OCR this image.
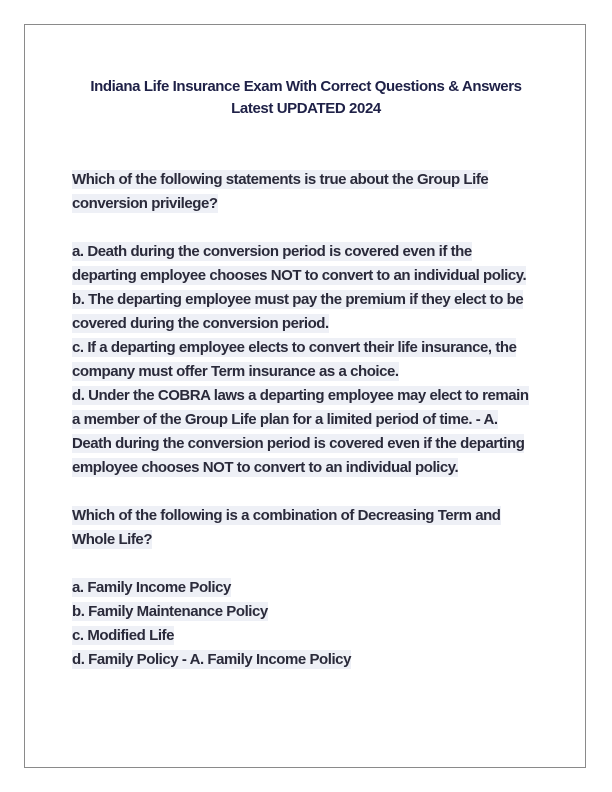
Indiana Life Insurance Exam With Correct Questions & Answers
Latest UPDATED 2024
Which of the following statements is true about the Group Life
conversion privilege?
a. Death during the conversion period is covered even if the
departing employee chooses NOT to convert to an individual policy.
b. The departing employee must pay the premium if they elect to be
covered during the conversion period.
c. If a departing employee elects to convert their life insurance, the
company must offer Term insurance as a choice.
d. Under the COBRA laws a departing employee may elect to remain
a member of the Group Life plan for a limited period of time. - A.
Death during the conversion period is covered even if the departing
employee chooses NOT to convert to an individual policy.
Which of the following is a combination of Decreasing Term and
Whole Life?
a. Family Income Policy
b. Family Maintenance Policy
c. Modified Life
d. Family Policy - A. Family Income Policy
